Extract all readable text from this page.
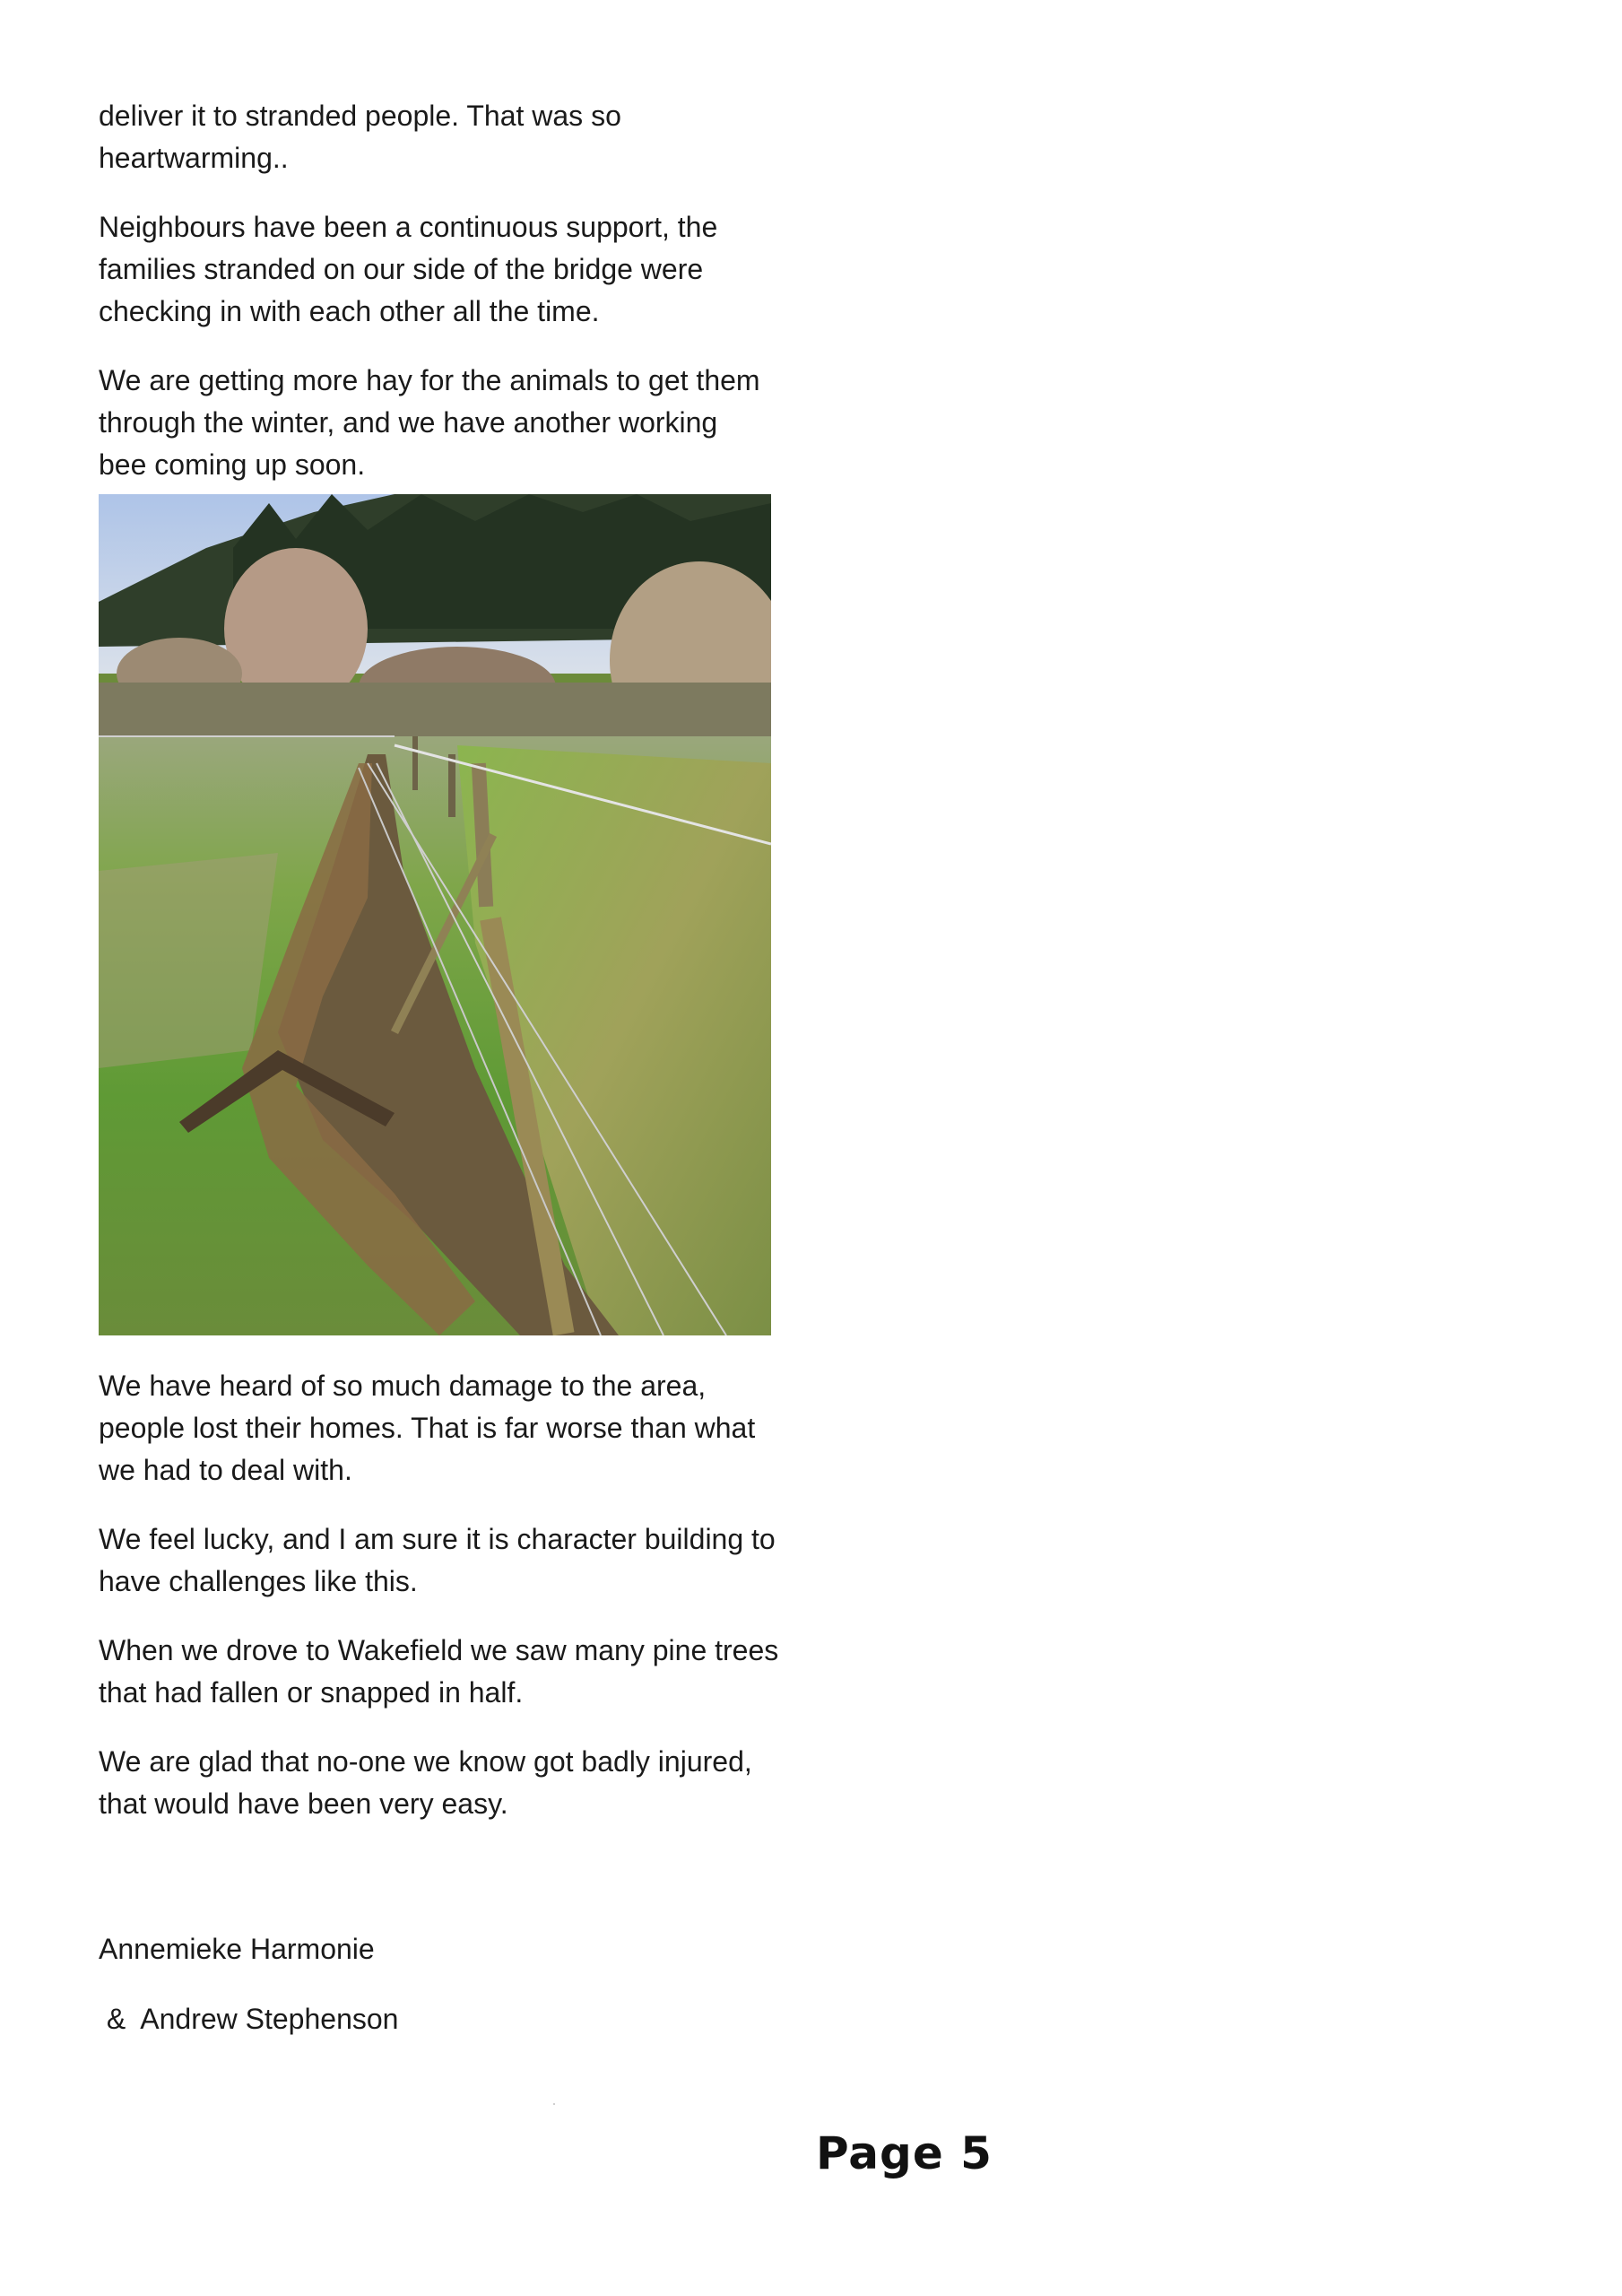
deliver it to stranded people. That was so
heartwarming..

Neighbours have been a continuous support, the
families stranded on our side of the bridge were
checking in with each other all the time.

We are getting more hay for the animals to get them
through the winter, and we have another working
bee coming up soon.

We have heard of so much damage to the area,
people lost their homes. That is far worse than what
we had to deal with.

We feel lucky, and I am sure it is character building to
have challenges like this.

When we drove to Wakefield we saw many pine trees
that had fallen or snapped in half.

We are glad that no-one we know got badly injured,
that would have been very easy.

Annemieke Harmonie
&  Andrew Stephenson
Page 5
